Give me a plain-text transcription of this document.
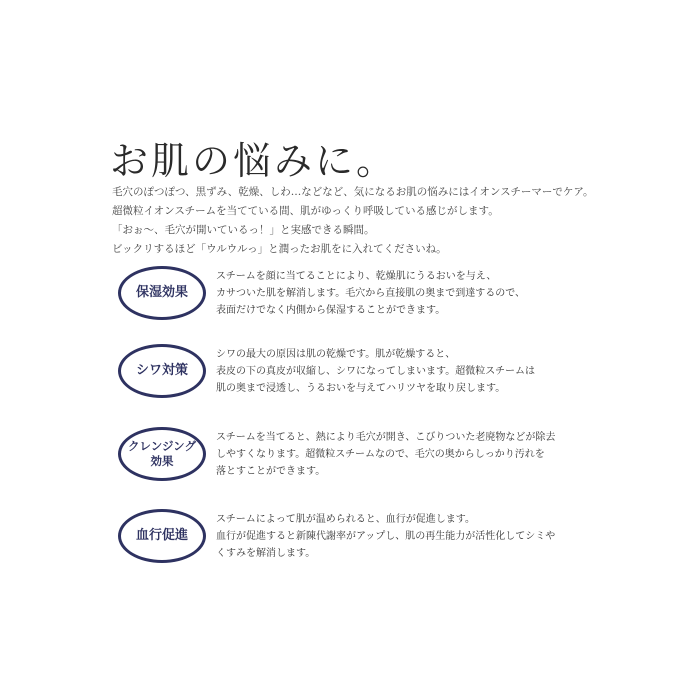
お肌の悩みに。

毛穴のぽつぽつ、黒ずみ、乾燥、しわ…などなど、気になるお肌の悩みにはイオンスチーマーでケア。

超微粒イオンスチームを当てている間、肌がゆっくり呼吸している感じがします。

「おぉ～、毛穴が開いているっ！」と実感できる瞬間。

ビックリするほど「ウルウルっ」と潤ったお肌をに入れてくださいね。

保湿効果

スチームを顔に当てることにより、乾燥肌にうるおいを与え、

カサついた肌を解消します。毛穴から直接肌の奥まで到達するので、

表面だけでなく内側から保湿することができます。

シワ対策

シワの最大の原因は肌の乾燥です。肌が乾燥すると、

表皮の下の真皮が収縮し、シワになってしまいます。超微粒スチームは

肌の奥まで浸透し、うるおいを与えてハリツヤを取り戻します。

クレンジング
効果

スチームを当てると、熱により毛穴が開き、こびりついた老廃物などが除去

しやすくなります。超微粒スチームなので、毛穴の奥からしっかり汚れを

落とすことができます。

血行促進

スチームによって肌が温められると、血行が促進します。

血行が促進すると新陳代謝率がアップし、肌の再生能力が活性化してシミや

くすみを解消します。
